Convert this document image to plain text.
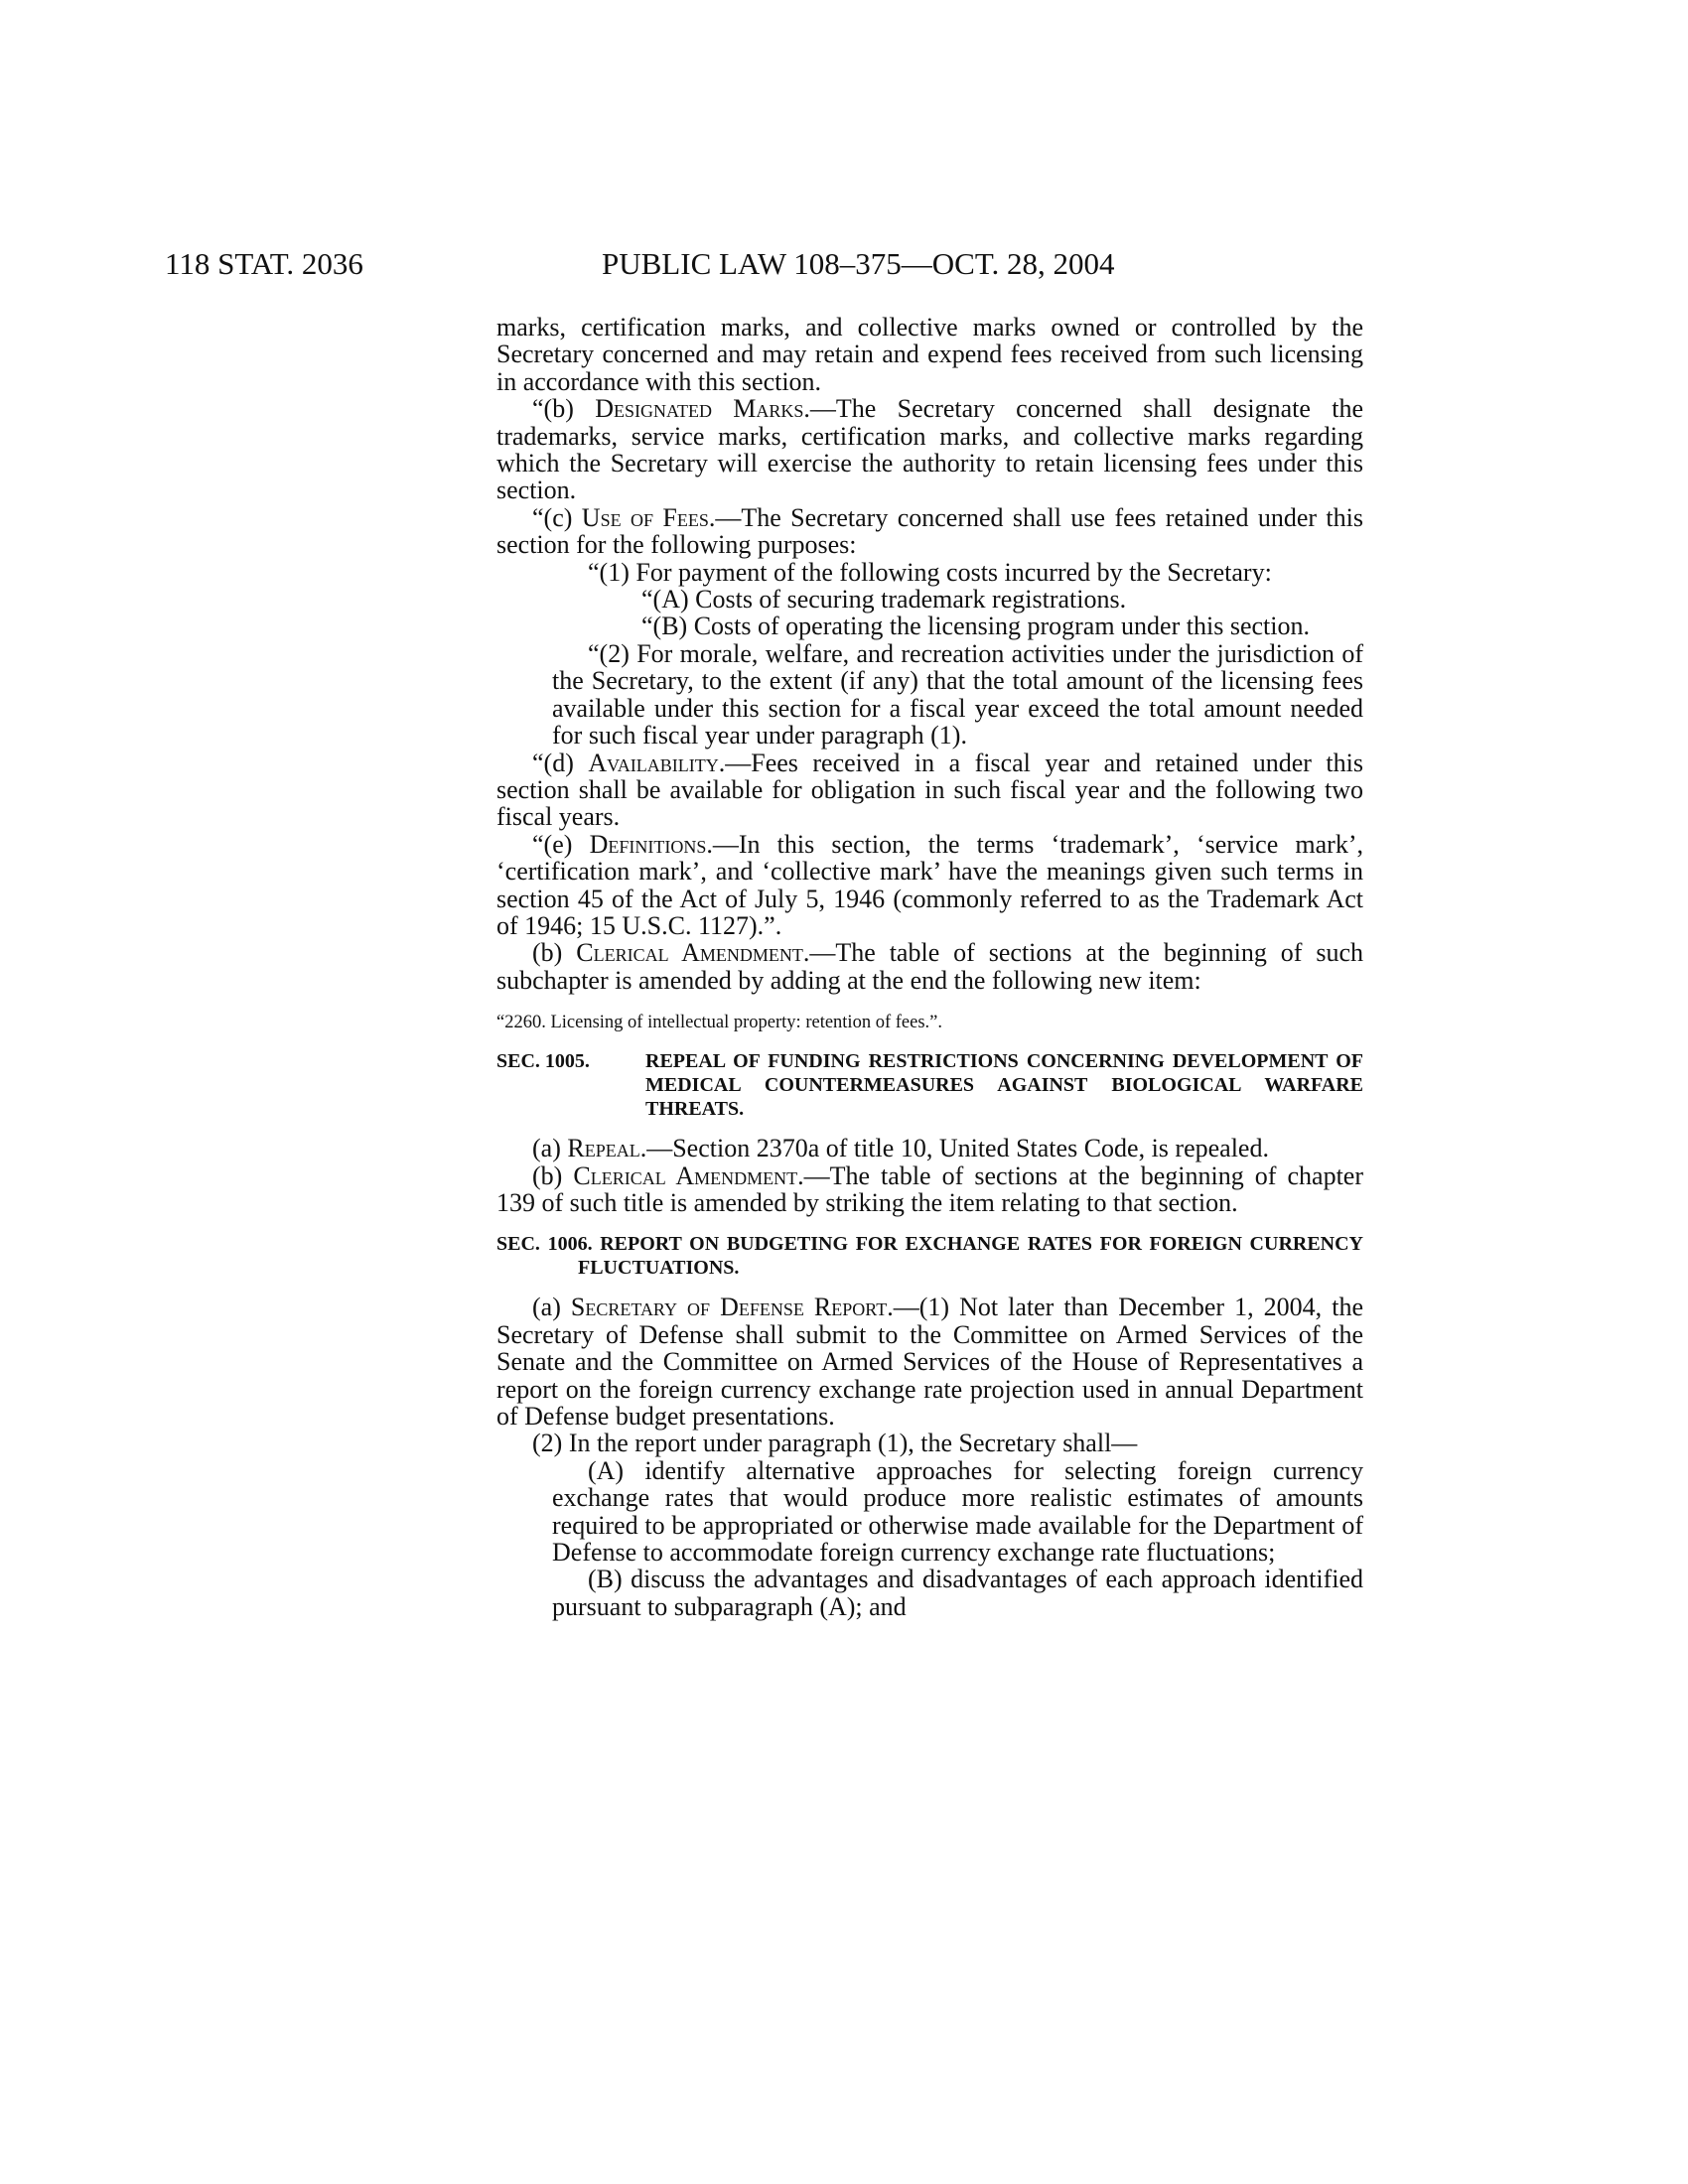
118 STAT. 2036	PUBLIC LAW 108–375—OCT. 28, 2004
marks, certification marks, and collective marks owned or controlled by the Secretary concerned and may retain and expend fees received from such licensing in accordance with this section.
“(b) Designated Marks.—The Secretary concerned shall designate the trademarks, service marks, certification marks, and collective marks regarding which the Secretary will exercise the authority to retain licensing fees under this section.
“(c) Use of Fees.—The Secretary concerned shall use fees retained under this section for the following purposes:
“(1) For payment of the following costs incurred by the Secretary:
“(A) Costs of securing trademark registrations.
“(B) Costs of operating the licensing program under this section.
“(2) For morale, welfare, and recreation activities under the jurisdiction of the Secretary, to the extent (if any) that the total amount of the licensing fees available under this section for a fiscal year exceed the total amount needed for such fiscal year under paragraph (1).
“(d) Availability.—Fees received in a fiscal year and retained under this section shall be available for obligation in such fiscal year and the following two fiscal years.
“(e) Definitions.—In this section, the terms ‘trademark’, ‘service mark’, ‘certification mark’, and ‘collective mark’ have the meanings given such terms in section 45 of the Act of July 5, 1946 (commonly referred to as the Trademark Act of 1946; 15 U.S.C. 1127).”.
(b) Clerical Amendment.—The table of sections at the beginning of such subchapter is amended by adding at the end the following new item:
“2260. Licensing of intellectual property: retention of fees.”.
SEC. 1005.	REPEAL OF FUNDING RESTRICTIONS CONCERNING DEVELOPMENT OF MEDICAL COUNTERMEASURES AGAINST BIOLOGICAL WARFARE THREATS.
(a) Repeal.—Section 2370a of title 10, United States Code, is repealed.
(b) Clerical Amendment.—The table of sections at the beginning of chapter 139 of such title is amended by striking the item relating to that section.
SEC. 1006. REPORT ON BUDGETING FOR EXCHANGE RATES FOR FOREIGN CURRENCY FLUCTUATIONS.
(a) Secretary of Defense Report.—(1) Not later than December 1, 2004, the Secretary of Defense shall submit to the Committee on Armed Services of the Senate and the Committee on Armed Services of the House of Representatives a report on the foreign currency exchange rate projection used in annual Department of Defense budget presentations.
(2) In the report under paragraph (1), the Secretary shall—
(A) identify alternative approaches for selecting foreign currency exchange rates that would produce more realistic estimates of amounts required to be appropriated or otherwise made available for the Department of Defense to accommodate foreign currency exchange rate fluctuations;
(B) discuss the advantages and disadvantages of each approach identified pursuant to subparagraph (A); and
